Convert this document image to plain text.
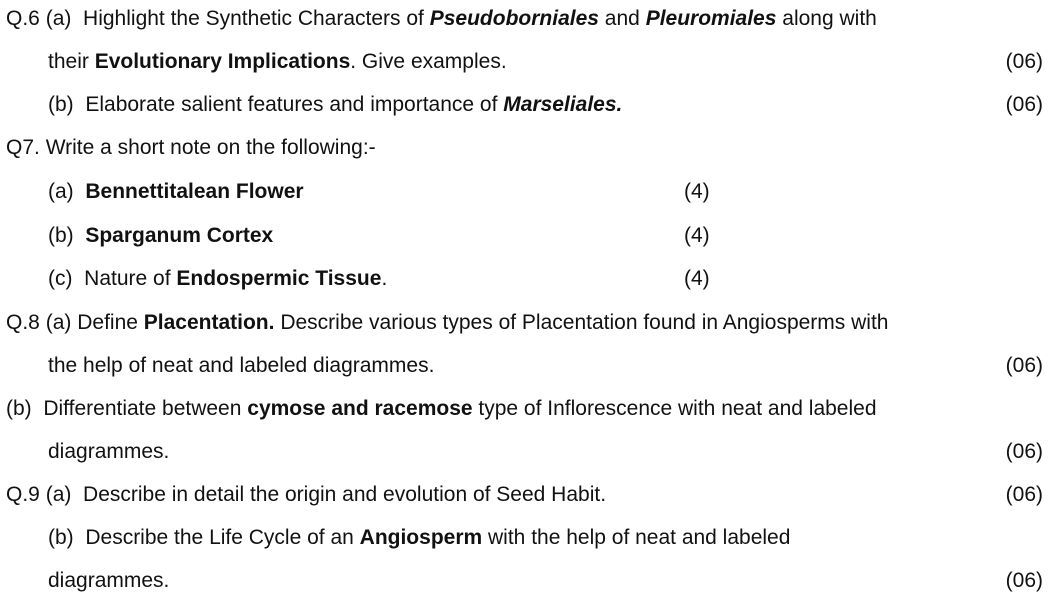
Q.6 (a) Highlight the Synthetic Characters of Pseudoborniales and Pleuromiales along with
their Evolutionary Implications. Give examples.	(06)
(b) Elaborate salient features and importance of Marseliales.	(06)
Q7. Write a short note on the following:-
(a) Bennettitalean Flower	(4)
(b) Sparganum Cortex	(4)
(c) Nature of Endospermic Tissue.	(4)
Q.8 (a) Define Placentation. Describe various types of Placentation found in Angiosperms with
the help of neat and labeled diagrammes.	(06)
(b) Differentiate between cymose and racemose type of Inflorescence with neat and labeled
diagrammes.	(06)
Q.9 (a) Describe in detail the origin and evolution of Seed Habit.	(06)
(b) Describe the Life Cycle of an Angiosperm with the help of neat and labeled
diagrammes.	(06)
